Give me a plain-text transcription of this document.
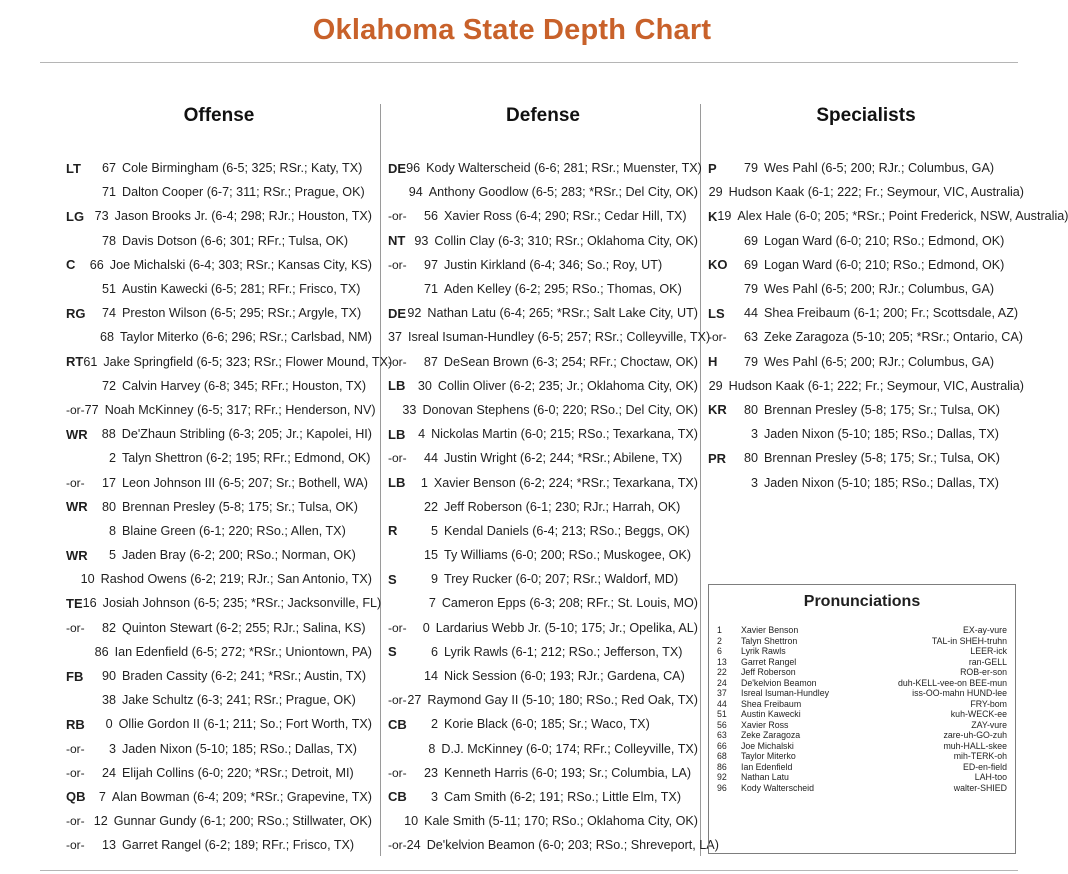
Oklahoma State Depth Chart
Offense
LT	67 Cole Birmingham (6-5; 325; RSr.; Katy, TX)
71 Dalton Cooper (6-7; 311; RSr.; Prague, OK)
LG 73 Jason Brooks Jr. (6-4; 298; RJr.; Houston, TX)
78 Davis Dotson (6-6; 301; RFr.; Tulsa, OK)
C	66 Joe Michalski (6-4; 303; RSr.; Kansas City, KS)
51 Austin Kawecki (6-5; 281; RFr.; Frisco, TX)
RG	74 Preston Wilson (6-5; 295; RSr.; Argyle, TX)
68 Taylor Miterko (6-6; 296; RSr.; Carlsbad, NM)
RT 61 Jake Springfield (6-5; 323; RSr.; Flower Mound, TX)
72 Calvin Harvey (6-8; 345; RFr.; Houston, TX)
-or- 77 Noah McKinney (6-5; 317; RFr.; Henderson, NV)
WR	88 De'Zhaun Stribling (6-3; 205; Jr.; Kapolei, HI)
2 Talyn Shettron (6-2; 195; RFr.; Edmond, OK)
-or-	17 Leon Johnson III (6-5; 207; Sr.; Bothell, WA)
WR	80 Brennan Presley (5-8; 175; Sr.; Tulsa, OK)
8 Blaine Green (6-1; 220; RSo.; Allen, TX)
WR	5 Jaden Bray (6-2; 200; RSo.; Norman, OK)
10 Rashod Owens (6-2; 219; RJr.; San Antonio, TX)
TE 16 Josiah Johnson (6-5; 235; *RSr.; Jacksonville, FL)
-or-	82 Quinton Stewart (6-2; 255; RJr.; Salina, KS)
86 Ian Edenfield (6-5; 272; *RSr.; Uniontown, PA)
FB	90 Braden Cassity (6-2; 241; *RSr.; Austin, TX)
38 Jake Schultz (6-3; 241; RSr.; Prague, OK)
RB	0 Ollie Gordon II (6-1; 211; So.; Fort Worth, TX)
-or-	3 Jaden Nixon (5-10; 185; RSo.; Dallas, TX)
-or-	24 Elijah Collins (6-0; 220; *RSr.; Detroit, MI)
QB	7 Alan Bowman (6-4; 209; *RSr.; Grapevine, TX)
-or- 12 Gunnar Gundy (6-1; 200; RSo.; Stillwater, OK)
-or-	13 Garret Rangel (6-2; 189; RFr.; Frisco, TX)
Defense
DE 96 Kody Walterscheid (6-6; 281; RSr.; Muenster, TX)
94 Anthony Goodlow (6-5; 283; *RSr.; Del City, OK)
-or-	56 Xavier Ross (6-4; 290; RSr.; Cedar Hill, TX)
NT 93 Collin Clay (6-3; 310; RSr.; Oklahoma City, OK)
-or-	97 Justin Kirkland (6-4; 346; So.; Roy, UT)
71 Aden Kelley (6-2; 295; RSo.; Thomas, OK)
DE 92 Nathan Latu (6-4; 265; *RSr.; Salt Lake City, UT)
37 Isreal Isuman-Hundley (6-5; 257; RSr.; Colleyville, TX)
-or-	87 DeSean Brown (6-3; 254; RFr.; Choctaw, OK)
LB 30 Collin Oliver (6-2; 235; Jr.; Oklahoma City, OK)
33 Donovan Stephens (6-0; 220; RSo.; Del City, OK)
LB	4 Nickolas Martin (6-0; 215; RSo.; Texarkana, TX)
-or-	44 Justin Wright (6-2; 244; *RSr.; Abilene, TX)
LB	1 Xavier Benson (6-2; 224; *RSr.; Texarkana, TX)
22 Jeff Roberson (6-1; 230; RJr.; Harrah, OK)
R	5 Kendal Daniels (6-4; 213; RSo.; Beggs, OK)
15 Ty Williams (6-0; 200; RSo.; Muskogee, OK)
S	9 Trey Rucker (6-0; 207; RSr.; Waldorf, MD)
7 Cameron Epps (6-3; 208; RFr.; St. Louis, MO)
-or-	0 Lardarius Webb Jr. (5-10; 175; Jr.; Opelika, AL)
S	6 Lyrik Rawls (6-1; 212; RSo.; Jefferson, TX)
14 Nick Session (6-0; 193; RJr.; Gardena, CA)
-or- 27 Raymond Gay II (5-10; 180; RSo.; Red Oak, TX)
CB	2 Korie Black (6-0; 185; Sr.; Waco, TX)
8 D.J. McKinney (6-0; 174; RFr.; Colleyville, TX)
-or-	23 Kenneth Harris (6-0; 193; Sr.; Columbia, LA)
CB	3 Cam Smith (6-2; 191; RSo.; Little Elm, TX)
10 Kale Smith (5-11; 170; RSo.; Oklahoma City, OK)
-or- 24 De'kelvion Beamon (6-0; 203; RSo.; Shreveport, LA)
Specialists
P	79 Wes Pahl (6-5; 200; RJr.; Columbus, GA)
29 Hudson Kaak (6-1; 222; Fr.; Seymour, VIC, Australia)
K 19 Alex Hale (6-0; 205; *RSr.; Point Frederick, NSW, Australia)
69 Logan Ward (6-0; 210; RSo.; Edmond, OK)
KO	69 Logan Ward (6-0; 210; RSo.; Edmond, OK)
79 Wes Pahl (6-5; 200; RJr.; Columbus, GA)
LS	44 Shea Freibaum (6-1; 200; Fr.; Scottsdale, AZ)
-or-	63 Zeke Zaragoza (5-10; 205; *RSr.; Ontario, CA)
H	79 Wes Pahl (6-5; 200; RJr.; Columbus, GA)
29 Hudson Kaak (6-1; 222; Fr.; Seymour, VIC, Australia)
KR	80 Brennan Presley (5-8; 175; Sr.; Tulsa, OK)
3 Jaden Nixon (5-10; 185; RSo.; Dallas, TX)
PR	80 Brennan Presley (5-8; 175; Sr.; Tulsa, OK)
3 Jaden Nixon (5-10; 185; RSo.; Dallas, TX)
Pronunciations
1	Xavier Benson	EX-ay-vure
2	Talyn Shettron	TAL-in SHEH-truhn
6	Lyrik Rawls	LEER-ick
13	Garret Rangel	ran-GELL
22	Jeff Roberson	ROB-er-son
24	De'kelvion Beamon	duh-KELL-vee-on BEE-mun
37	Isreal Isuman-Hundley	iss-OO-mahn HUND-lee
44	Shea Freibaum	FRY-bom
51	Austin Kawecki	kuh-WECK-ee
56	Xavier Ross	ZAY-vure
63	Zeke Zaragoza	zare-uh-GO-zuh
66	Joe Michalski	muh-HALL-skee
68	Taylor Miterko	mih-TERK-oh
86	Ian Edenfield	ED-en-field
92	Nathan Latu	LAH-too
96	Kody Walterscheid	walter-SHIED
